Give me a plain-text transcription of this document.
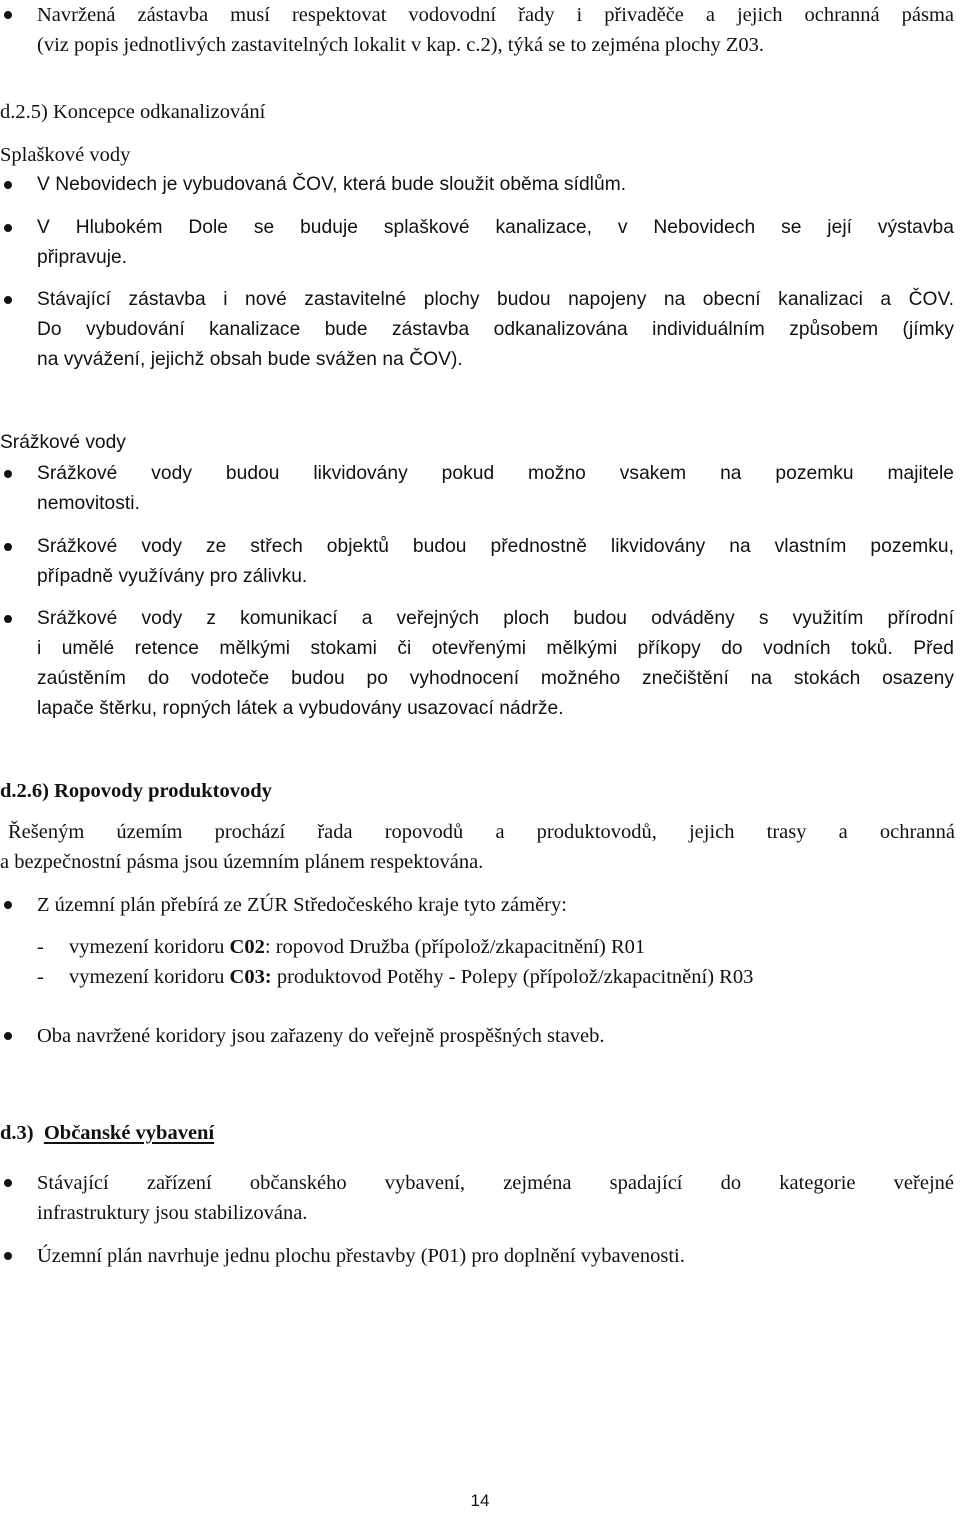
Navržená zástavba musí respektovat vodovodní řady i přivaděče a jejich ochranná pásma
(viz popis jednotlivých zastavitelných lokalit v kap. c.2), týká se to zejména plochy Z03.
d.2.5) Koncepce odkanalizování
Splaškové vody
V Nebovidech je vybudovaná ČOV, která bude sloužit oběma sídlům.
V Hlubokém Dole se buduje splaškové kanalizace, v Nebovidech se její výstavba
připravuje.
Stávající zástavba i nové zastavitelné plochy budou napojeny na obecní kanalizaci a ČOV.
Do vybudování kanalizace bude zástavba odkanalizována individuálním způsobem (jímky
na vyvážení, jejichž obsah bude svážen na ČOV).
Srážkové vody
Srážkové vody budou likvidovány pokud možno vsakem na pozemku majitele
nemovitosti.
Srážkové vody ze střech objektů budou přednostně likvidovány na vlastním pozemku,
případně využívány pro zálivku.
Srážkové vody z komunikací a veřejných ploch budou odváděny s využitím přírodní
i umělé retence mělkými stokami či otevřenými mělkými příkopy do vodních toků. Před
zaústěním do vodoteče budou po vyhodnocení možného znečištění na stokách osazeny
lapače štěrku, ropných látek a vybudovány usazovací nádrže.
d.2.6) Ropovody produktovody
Řešeným územím prochází řada ropovodů a produktovodů, jejich trasy a ochranná
a bezpečnostní pásma jsou územním plánem respektována.
Z územní plán přebírá ze ZÚR Středočeského kraje tyto záměry:
- vymezení koridoru C02: ropovod Družba (přípolož/zkapacitnění) R01
- vymezení koridoru C03: produktovod Potěhy - Polepy (přípolož/zkapacitnění) R03
Oba navržené koridory jsou zařazeny do veřejně prospěšných staveb.
d.3) Občanské vybavení
Stávající zařízení občanského vybavení, zejména spadající do kategorie veřejné
infrastruktury jsou stabilizována.
Územní plán navrhuje jednu plochu přestavby (P01) pro doplnění vybavenosti.
14
